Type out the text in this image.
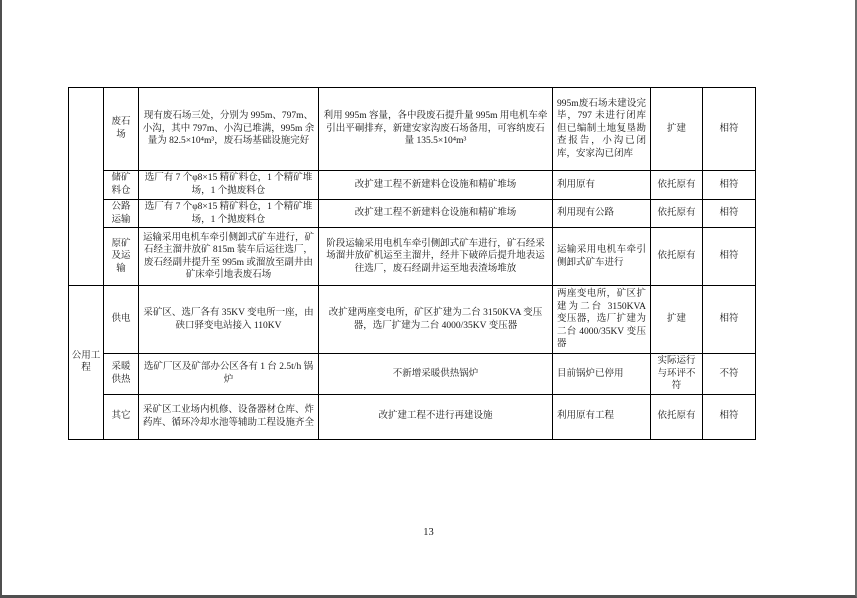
	废石场	现有废石场三处，分别为 995m、797m、小沟，其中 797m、小沟已堆满，995m 余量为 82.5×10⁴m³，废石场基础设施完好	利用 995m 容量，各中段废石提升量 995m 用电机车牵引出平硐排弃，新建安家沟废石场备用，可容纳废石量 135.5×10⁴m³	995m废石场未建设完毕，797 未进行闭库但已编制土地复垦勘查报告，小沟已闭库，安家沟已闭库	扩建	相符
	储矿料仓	选厂有 7 个φ8×15 精矿料仓，1 个精矿堆场，1 个抛废料仓	改扩建工程不新建料仓设施和精矿堆场	利用原有	依托原有	相符
	公路运输	选厂有 7 个φ8×15 精矿料仓，1 个精矿堆场，1 个抛废料仓	改扩建工程不新建料仓设施和精矿堆场	利用现有公路	依托原有	相符
	原矿及运输	运输采用电机车牵引侧卸式矿车进行，矿石经主溜井放矿 815m 装车后运往选厂，废石经副井提升至 995m 或溜放至副井由矿床牵引地表废石场	阶段运输采用电机车牵引侧卸式矿车进行，矿石经采场溜井放矿机运至主溜井，经井下破碎后提升地表运往选厂，废石经副井运至地表渣场堆放	运输采用电机车牵引侧卸式矿车进行	依托原有	相符
公用工程	供电	采矿区、选厂各有 35KV 变电所一座，由硖口驿变电站接入 110KV	改扩建两座变电所，矿区扩建为二台 3150KVA 变压器，选厂扩建为二台 4000/35KV 变压器	两座变电所，矿区扩建为二台 3150KVA 变压器，选厂扩建为二台 4000/35KV 变压器	扩建	相符
	采暖供热	选矿厂区及矿部办公区各有 1 台 2.5t/h 锅炉	不新增采暖供热锅炉	目前锅炉已停用	实际运行与环评不符	不符
	其它	采矿区工业场内机修、设备器材仓库、炸药库、循环冷却水池等辅助工程设施齐全	改扩建工程不进行再建设施	利用原有工程	依托原有	相符
13
